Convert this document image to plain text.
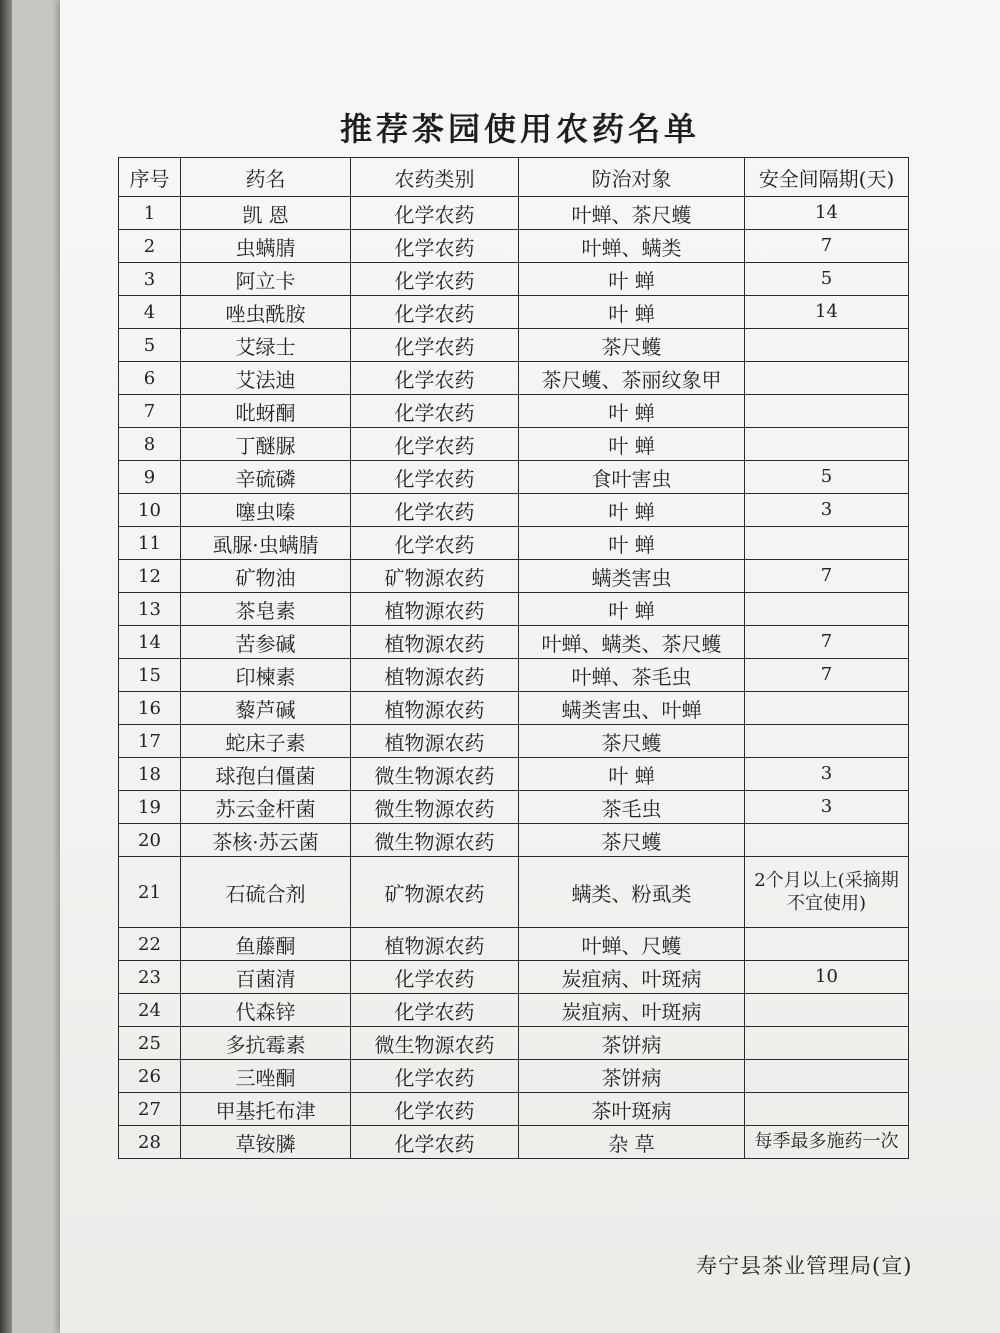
推荐茶园使用农药名单
序号	药名	农药类别	防治对象	安全间隔期(天)
1	凯 恩	化学农药	叶蝉、茶尺蠖	14
2	虫螨腈	化学农药	叶蝉、螨类	7
3	阿立卡	化学农药	叶 蝉	5
4	唑虫酰胺	化学农药	叶 蝉	14
5	艾绿士	化学农药	茶尺蠖	
6	艾法迪	化学农药	茶尺蠖、茶丽纹象甲	
7	吡蚜酮	化学农药	叶 蝉	
8	丁醚脲	化学农药	叶 蝉	
9	辛硫磷	化学农药	食叶害虫	5
10	噻虫嗪	化学农药	叶 蝉	3
11	虱脲·虫螨腈	化学农药	叶 蝉	
12	矿物油	矿物源农药	螨类害虫	7
13	茶皂素	植物源农药	叶 蝉	
14	苦参碱	植物源农药	叶蝉、螨类、茶尺蠖	7
15	印楝素	植物源农药	叶蝉、茶毛虫	7
16	藜芦碱	植物源农药	螨类害虫、叶蝉	
17	蛇床子素	植物源农药	茶尺蠖	
18	球孢白僵菌	微生物源农药	叶 蝉	3
19	苏云金杆菌	微生物源农药	茶毛虫	3
20	茶核·苏云菌	微生物源农药	茶尺蠖	
21	石硫合剂	矿物源农药	螨类、粉虱类	2个月以上(采摘期不宜使用)
22	鱼藤酮	植物源农药	叶蝉、尺蠖	
23	百菌清	化学农药	炭疽病、叶斑病	10
24	代森锌	化学农药	炭疽病、叶斑病	
25	多抗霉素	微生物源农药	茶饼病	
26	三唑酮	化学农药	茶饼病	
27	甲基托布津	化学农药	茶叶斑病	
28	草铵膦	化学农药	杂 草	每季最多施药一次
寿宁县茶业管理局(宣)
